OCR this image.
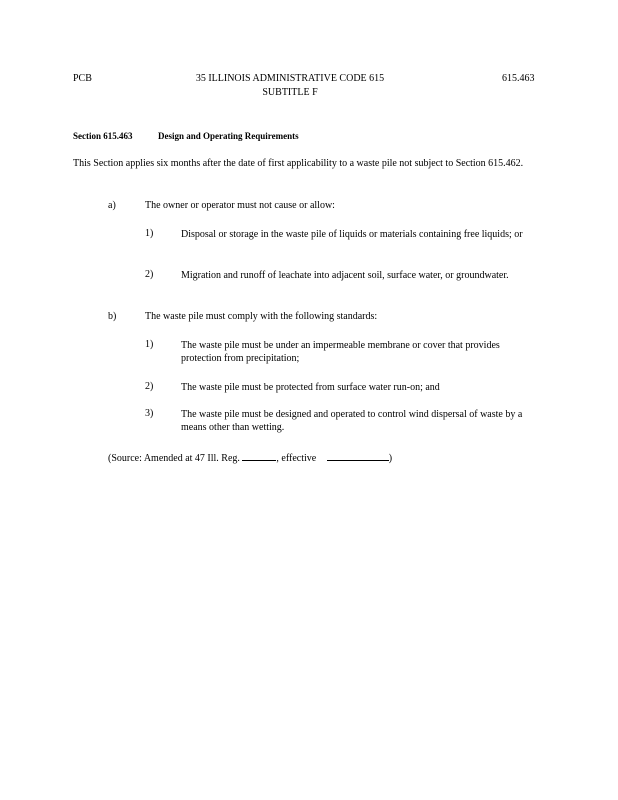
PCB	35 ILLINOIS ADMINISTRATIVE CODE 615
SUBTITLE F
615.463
Section 615.463	Design and Operating Requirements
This Section applies six months after the date of first applicability to a waste pile not subject to Section 615.462.
a)	The owner or operator must not cause or allow:
1)	Disposal or storage in the waste pile of liquids or materials containing free liquids; or
2)	Migration and runoff of leachate into adjacent soil, surface water, or groundwater.
b)	The waste pile must comply with the following standards:
1)	The waste pile must be under an impermeable membrane or cover that provides protection from precipitation;
2)	The waste pile must be protected from surface water run-on; and
3)	The waste pile must be designed and operated to control wind dispersal of waste by a means other than wetting.
(Source: Amended at 47 Ill. Reg.	, effective	)
